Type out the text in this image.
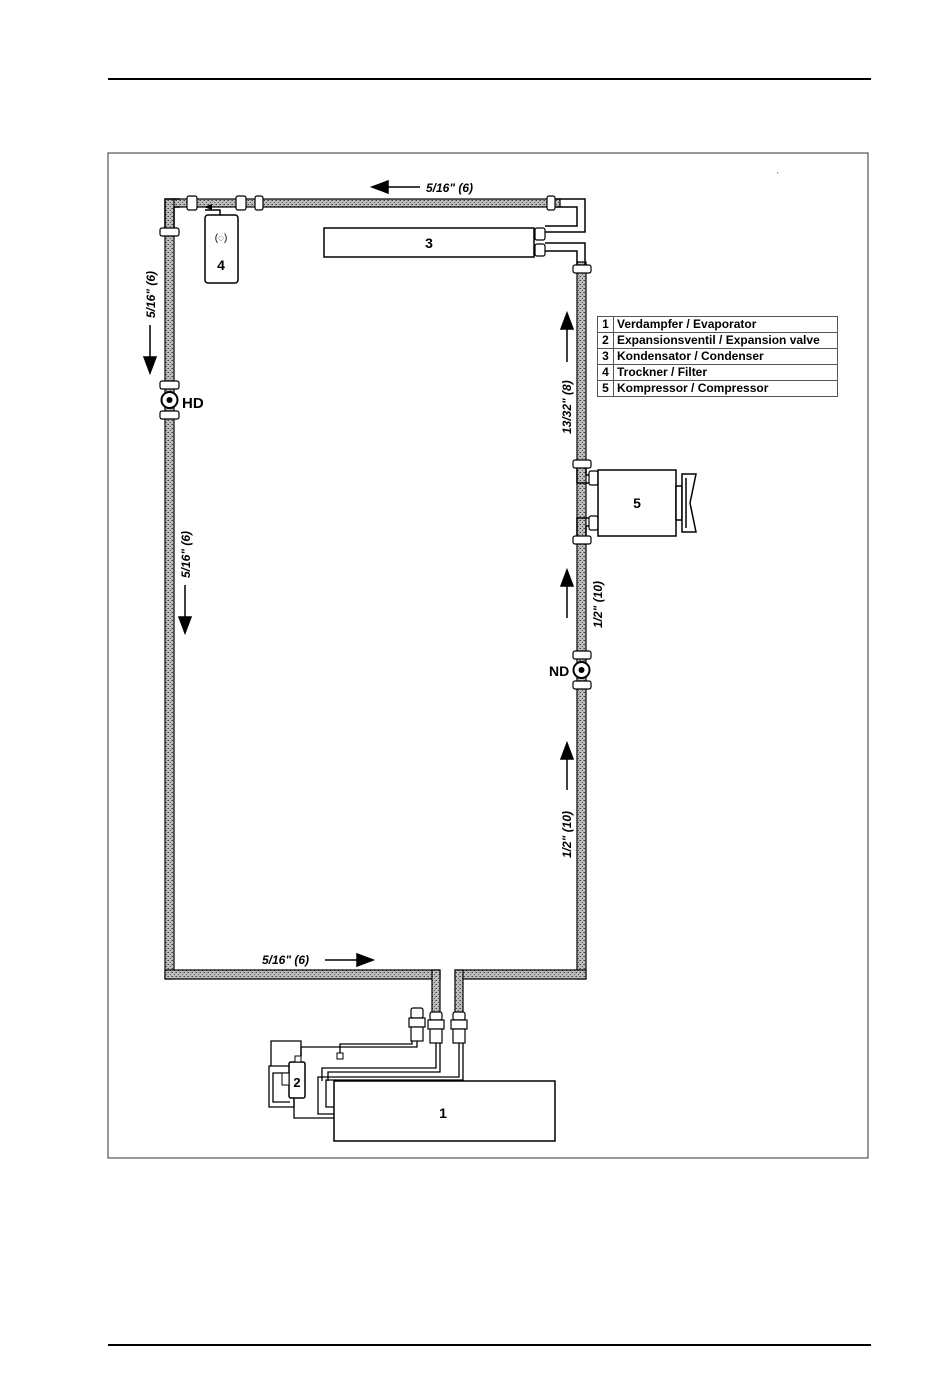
'
HD
ND
3
(◌)
4
5
1
2
5/16" (6)
5/16" (6)
5/16" (6)
5/16" (6)
13/32" (8)
1/2" (10)
1/2" (10)
1	Verdampfer / Evaporator
2	Expansionsventil / Expansion valve
3	Kondensator / Condenser
4	Trockner / Filter
5	Kompressor / Compressor
